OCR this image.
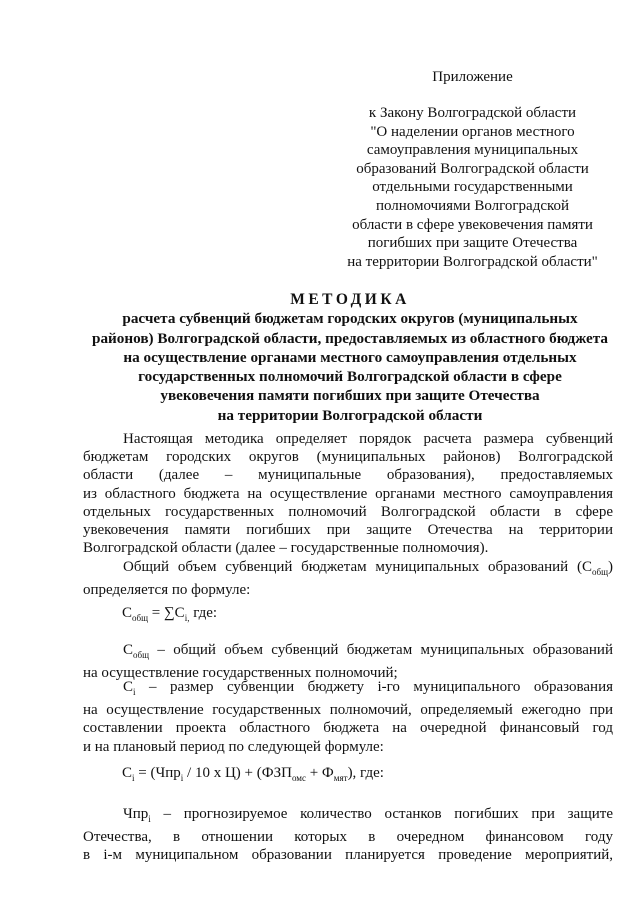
Приложение
к Закону Волгоградской области
"О наделении органов местного
самоуправления муниципальных
образований Волгоградской области
отдельными государственными
полномочиями Волгоградской
области в сфере увековечения памяти
погибших при защите Отечества
на территории Волгоградской области"
МЕТОДИКА
расчета субвенций бюджетам городских округов (муниципальных
районов) Волгоградской области, предоставляемых из областного бюджета
на осуществление органами местного самоуправления отдельных
государственных полномочий Волгоградской области в сфере
увековечения памяти погибших при защите Отечества
на территории Волгоградской области
Настоящая методика определяет порядок расчета размера субвенций
бюджетам городских округов (муниципальных районов) Волгоградской
области (далее – муниципальные образования), предоставляемых
из областного бюджета на осуществление органами местного самоуправления
отдельных государственных полномочий Волгоградской области в сфере
увековечения памяти погибших при защите Отечества на территории
Волгоградской области (далее – государственные полномочия).
Общий объем субвенций бюджетам муниципальных образований $(С_{общ})$
определяется по формуле:
$С_{общ} = \sum С_{i,}$ где:
$С_{общ}$ – общий объем субвенций бюджетам муниципальных образований
на осуществление государственных полномочий;
$С_i$ – размер субвенции бюджету i-го муниципального образования
на осуществление государственных полномочий, определяемый ежегодно при
составлении проекта областного бюджета на очередной финансовый год
и на плановый период по следующей формуле:
$С_i = (Чпр_i / 10$ х $Ц) + (ФЗП_{омс} + Ф_{мят})$, где:
Чпр$_i$ – прогнозируемое количество останков погибших при защите
Отечества, в отношении которых в очередном финансовом году
в i-м муниципальном образовании планируется проведение мероприятий,
